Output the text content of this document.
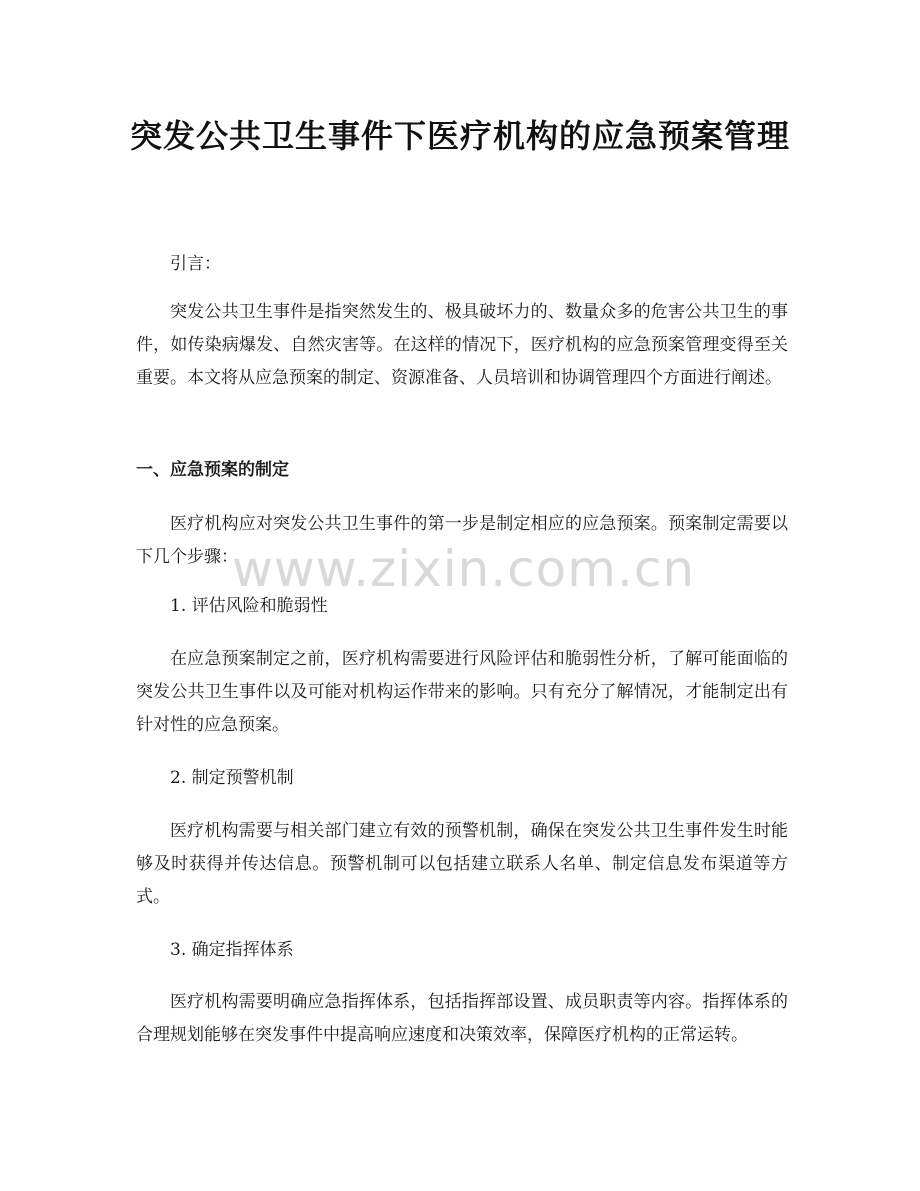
突发公共卫生事件下医疗机构的应急预案管理

引言：

突发公共卫生事件是指突然发生的、极具破坏力的、数量众多的危害公共卫生的事件，如传染病爆发、自然灾害等。在这样的情况下，医疗机构的应急预案管理变得至关重要。本文将从应急预案的制定、资源准备、人员培训和协调管理四个方面进行阐述。

一、应急预案的制定

医疗机构应对突发公共卫生事件的第一步是制定相应的应急预案。预案制定需要以下几个步骤：

1. 评估风险和脆弱性

在应急预案制定之前，医疗机构需要进行风险评估和脆弱性分析，了解可能面临的突发公共卫生事件以及可能对机构运作带来的影响。只有充分了解情况，才能制定出有针对性的应急预案。

2. 制定预警机制

医疗机构需要与相关部门建立有效的预警机制，确保在突发公共卫生事件发生时能够及时获得并传达信息。预警机制可以包括建立联系人名单、制定信息发布渠道等方式。

3. 确定指挥体系

医疗机构需要明确应急指挥体系，包括指挥部设置、成员职责等内容。指挥体系的合理规划能够在突发事件中提高响应速度和决策效率，保障医疗机构的正常运转。

www.zixin.com.cn
